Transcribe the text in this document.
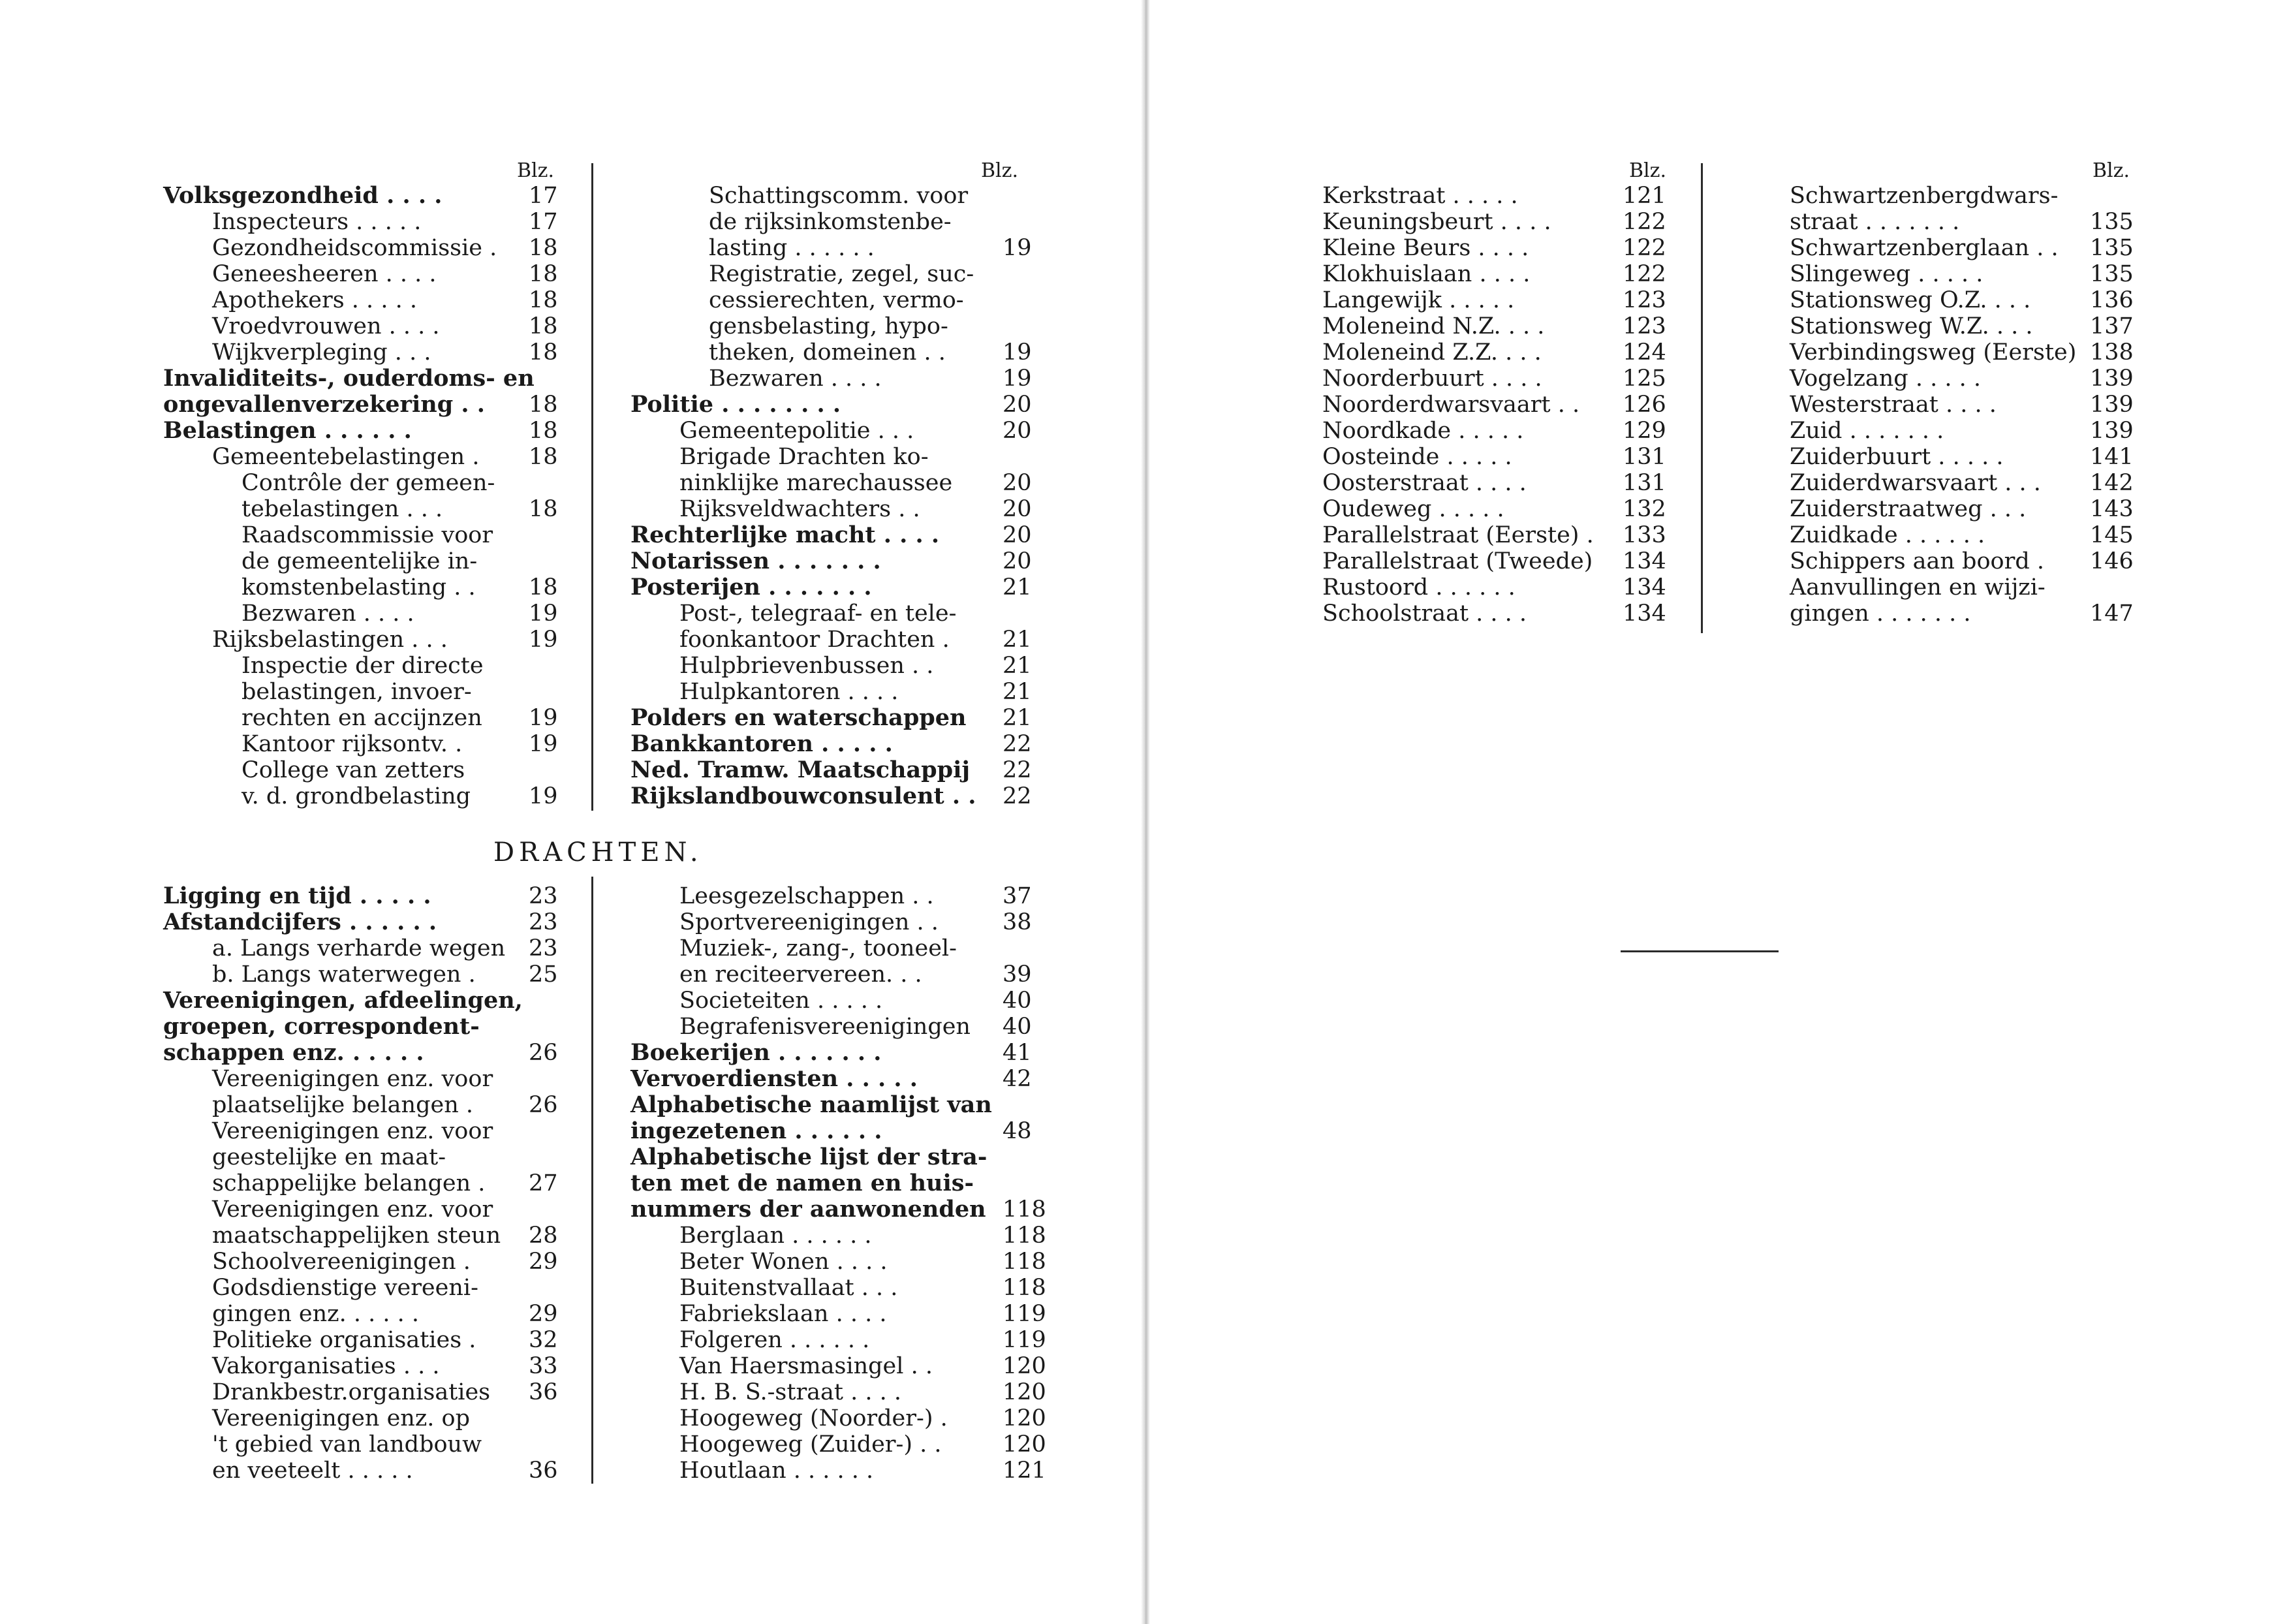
Blz.	Blz.
Volksgezondheid . . . .	17
Inspecteurs . . . . .	17
Gezondheidscommissie . 18
Geneesheeren . . . .	18
Apothekers . . . . .	18
Vroedvrouwen . . . .	18
Wijkverpleging . . .	18
Invaliditeits-, ouderdoms- en
ongevallenverzekering . . 18
Belastingen . . . . . .	18
Gemeentebelastingen . 18
Contrôle der gemeen-
tebelastingen . . .	18
Raadscommissie voor
de gemeentelijke in-
komstenbelasting . . 18
Bezwaren . . . .	19
Rijksbelastingen . . .	19
Inspectie der directe
belastingen, invoer-
rechten en accijnzen 19
Kantoor rijksontv. .	19
College van zetters
v. d. grondbelasting	19
Schattingscomm. voor
de rijksinkomstenbe-
lasting . . . . . .	19
Registratie, zegel, suc-
cessierechten, vermo-
gensbelasting, hypo-
theken, domeinen . . 19
Bezwaren . . . .	19
Politie . . . . . . . .	20
Gemeentepolitie . . .	20
Brigade Drachten ko-
ninklijke marechaussee 20
Rijksveldwachters . .	20
Rechterlijke macht . . . .	20
Notarissen . . . . . . .	20
Posterijen . . . . . . .	21
Post-, telegraaf- en tele-
foonkantoor Drachten . 21
Hulpbrievenbussen . .	21
Hulpkantoren . . . .	21
Polders en waterschappen 21
Bankkantoren . . . . .	22
Ned. Tramw. Maatschappij 22
Rijkslandbouwconsulent . . 22
DRACHTEN.
Ligging en tijd . . . . .	23
Afstandcijfers . . . . . .	23
a. Langs verharde wegen 23
b. Langs waterwegen . 25
Vereenigingen, afdeelingen,
groepen, correspondent-
schappen enz. . . . . .	26
Vereenigingen enz. voor
plaatselijke belangen . 26
Vereenigingen enz. voor
geestelijke en maat-
schappelijke belangen . 27
Vereenigingen enz. voor
maatschappelijken steun 28
Schoolvereenigingen .	29
Godsdienstige vereeni-
gingen enz. . . . . .	29
Politieke organisaties . 32
Vakorganisaties . . .	33
Drankbestr.organisaties 36
Vereenigingen enz. op
't gebied van landbouw
en veeteelt . . . . .	36
Leesgezelschappen . .	37
Sportvereenigingen . .	38
Muziek-, zang-, tooneel-
en reciteervereen. . .	39
Societeiten . . . . .	40
Begrafenisvereenigingen 40
Boekerijen . . . . . . .	41
Vervoerdiensten . . . . .	42
Alphabetische naamlijst van
ingezetenen . . . . . .	48
Alphabetische lijst der stra-
ten met de namen en huis-
nummers der aanwonenden 118
Berglaan . . . . . .	118
Beter Wonen . . . .	118
Buitenstvallaat . . .	118
Fabriekslaan . . . .	119
Folgeren . . . . . .	119
Van Haersmasingel . .	120
H. B. S.-straat . . . .	120
Hoogeweg (Noorder-) . 120
Hoogeweg (Zuider-) . .	120
Houtlaan . . . . . .	121
Blz.	Blz.
Kerkstraat . . . . .	121
Keuningsbeurt . . . .	122
Kleine Beurs . . . .	122
Klokhuislaan . . . .	122
Langewijk . . . . .	123
Moleneind N.Z. . . .	123
Moleneind Z.Z. . . .	124
Noorderbuurt . . . .	125
Noorderdwarsvaart . . 126
Noordkade . . . . .	129
Oosteinde . . . . .	131
Oosterstraat . . . .	131
Oudeweg . . . . .	132
Parallelstraat (Eerste) . 133
Parallelstraat (Tweede) 134
Rustoord . . . . . .	134
Schoolstraat . . . .	134
Schwartzenbergdwars-
straat . . . . . . .	135
Schwartzenberglaan . . 135
Slingeweg . . . . .	135
Stationsweg O.Z. . . .	136
Stationsweg W.Z. . . . 137
Verbindingsweg (Eerste) 138
Vogelzang . . . . .	139
Westerstraat . . . .	139
Zuid . . . . . . .	139
Zuiderbuurt . . . . .	141
Zuiderdwarsvaart . . . 142
Zuiderstraatweg . . .	143
Zuidkade . . . . . .	145
Schippers aan boord . 146
Aanvullingen en wijzi-
gingen . . . . . . .	147
